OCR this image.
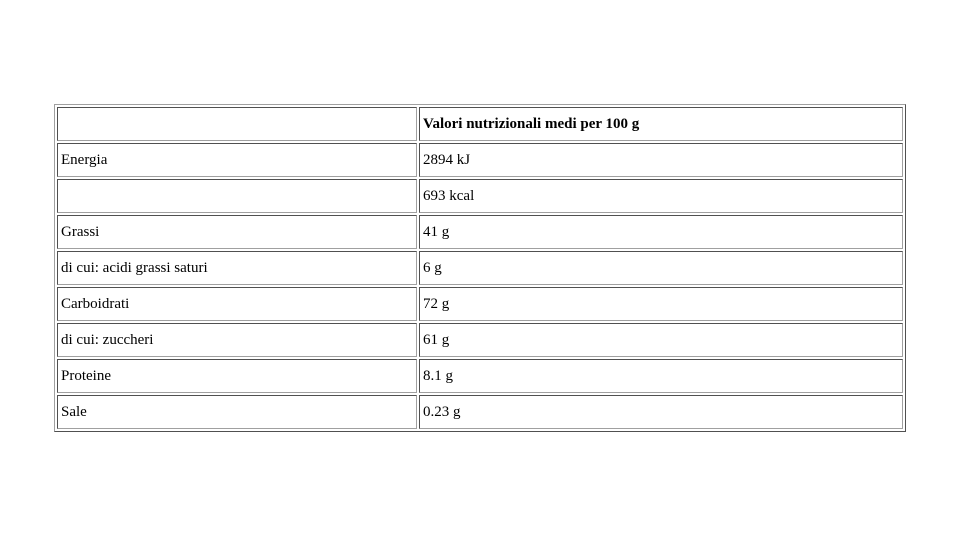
	Valori nutrizionali medi per 100 g
Energia	2894 kJ
	693 kcal
Grassi	41 g
di cui: acidi grassi saturi	6 g
Carboidrati	72 g
di cui: zuccheri	61 g
Proteine	8.1 g
Sale	0.23 g
